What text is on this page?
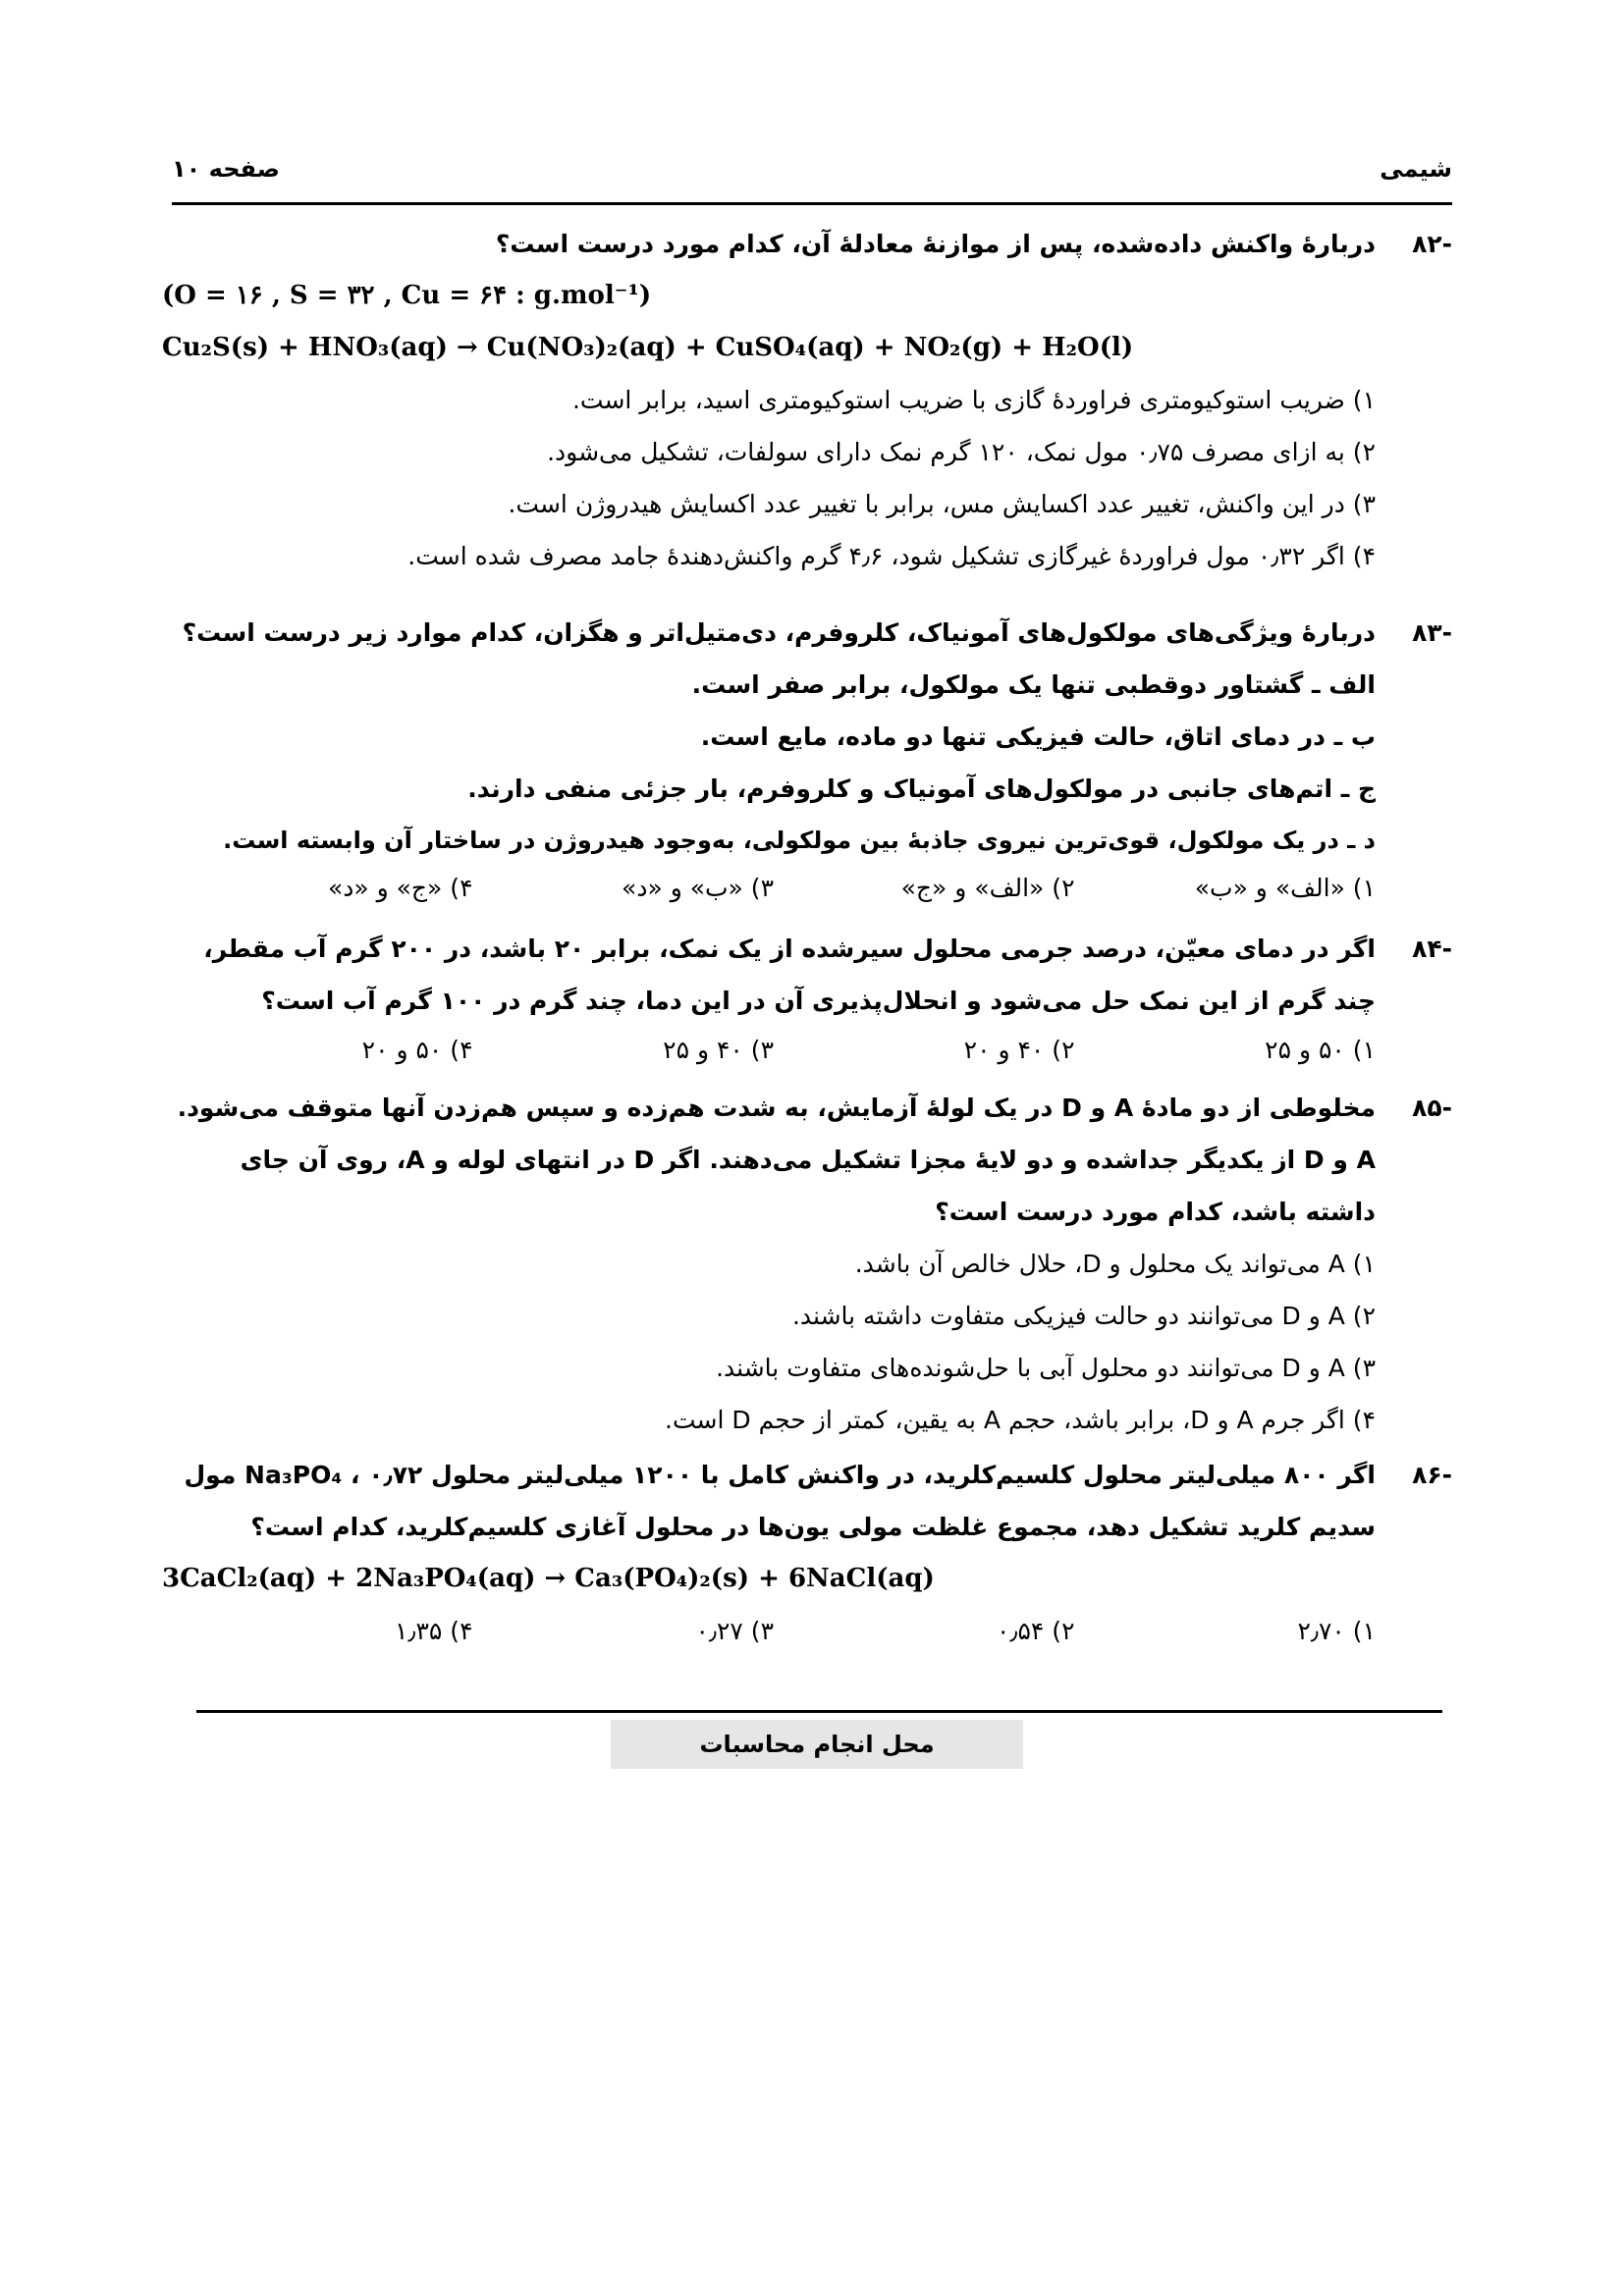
شیمی
صفحه ۱۰
-۸۲
دربارهٔ واکنش داده‌شده، پس از موازنهٔ معادلهٔ آن، کدام مورد درست است؟
(O = ۱۶ , S = ۳۲ , Cu = ۶۴ : g.mol⁻¹)
Cu₂S(s) + HNO₃(aq) → Cu(NO₃)₂(aq) + CuSO₄(aq) + NO₂(g) + H₂O(l)
۱) ضریب استوکیومتری فراوردهٔ گازی با ضریب استوکیومتری اسید، برابر است.
۲) به ازای مصرف ۰٫۷۵ مول نمک، ۱۲۰ گرم نمک دارای سولفات، تشکیل می‌شود.
۳) در این واکنش، تغییر عدد اکسایش مس، برابر با تغییر عدد اکسایش هیدروژن است.
۴) اگر ۰٫۳۲ مول فراوردهٔ غیرگازی تشکیل شود، ۴٫۶ گرم واکنش‌دهندهٔ جامد مصرف شده است.
-۸۳
دربارهٔ ویژگی‌های مولکول‌های آمونیاک، کلروفرم، دی‌متیل‌اتر و هگزان، کدام موارد زیر درست است؟
الف ـ گشتاور دوقطبی تنها یک مولکول، برابر صفر است.
ب ـ در دمای اتاق، حالت فیزیکی تنها دو ماده، مایع است.
ج ـ اتم‌های جانبی در مولکول‌های آمونیاک و کلروفرم، بار جزئی منفی دارند.
د ـ در یک مولکول، قوی‌ترین نیروی جاذبهٔ بین مولکولی، به‌وجود هیدروژن در ساختار آن وابسته است.
۱) «الف» و «ب»
۲) «الف» و «ج»
۳) «ب» و «د»
۴) «ج» و «د»
-۸۴
اگر در دمای معیّن، درصد جرمی محلول سیرشده از یک نمک، برابر ۲۰ باشد، در ۲۰۰ گرم آب مقطر، چند گرم از این نمک حل می‌شود و انحلال‌پذیری آن در این دما، چند گرم در ۱۰۰ گرم آب است؟
۱) ۵۰ و ۲۵
۲) ۴۰ و ۲۰
۳) ۴۰ و ۲۵
۴) ۵۰ و ۲۰
-۸۵
مخلوطی از دو مادهٔ A و D در یک لولهٔ آزمایش، به شدت هم‌زده و سپس هم‌زدن آنها متوقف می‌شود. A و D از یکدیگر جداشده و دو لایهٔ مجزا تشکیل می‌دهند. اگر D در انتهای لوله و A، روی آن جای داشته باشد، کدام مورد درست است؟
۱) A می‌تواند یک محلول و D، حلال خالص آن باشد.
۲) A و D می‌توانند دو حالت فیزیکی متفاوت داشته باشند.
۳) A و D می‌توانند دو محلول آبی با حل‌شونده‌های متفاوت باشند.
۴) اگر جرم A و D، برابر باشد، حجم A به یقین، کمتر از حجم D است.
-۸۶
اگر ۸۰۰ میلی‌لیتر محلول کلسیم‌کلرید، در واکنش کامل با ۱۲۰۰ میلی‌لیتر محلول Na₃PO₄ ، ۰٫۷۲ مول سدیم کلرید تشکیل دهد، مجموع غلظت مولی یون‌ها در محلول آغازی کلسیم‌کلرید، کدام است؟
3CaCl₂(aq) + 2Na₃PO₄(aq) → Ca₃(PO₄)₂(s) + 6NaCl(aq)
۱) ۲٫۷۰
۲) ۰٫۵۴
۳) ۰٫۲۷
۴) ۱٫۳۵
محل انجام محاسبات
